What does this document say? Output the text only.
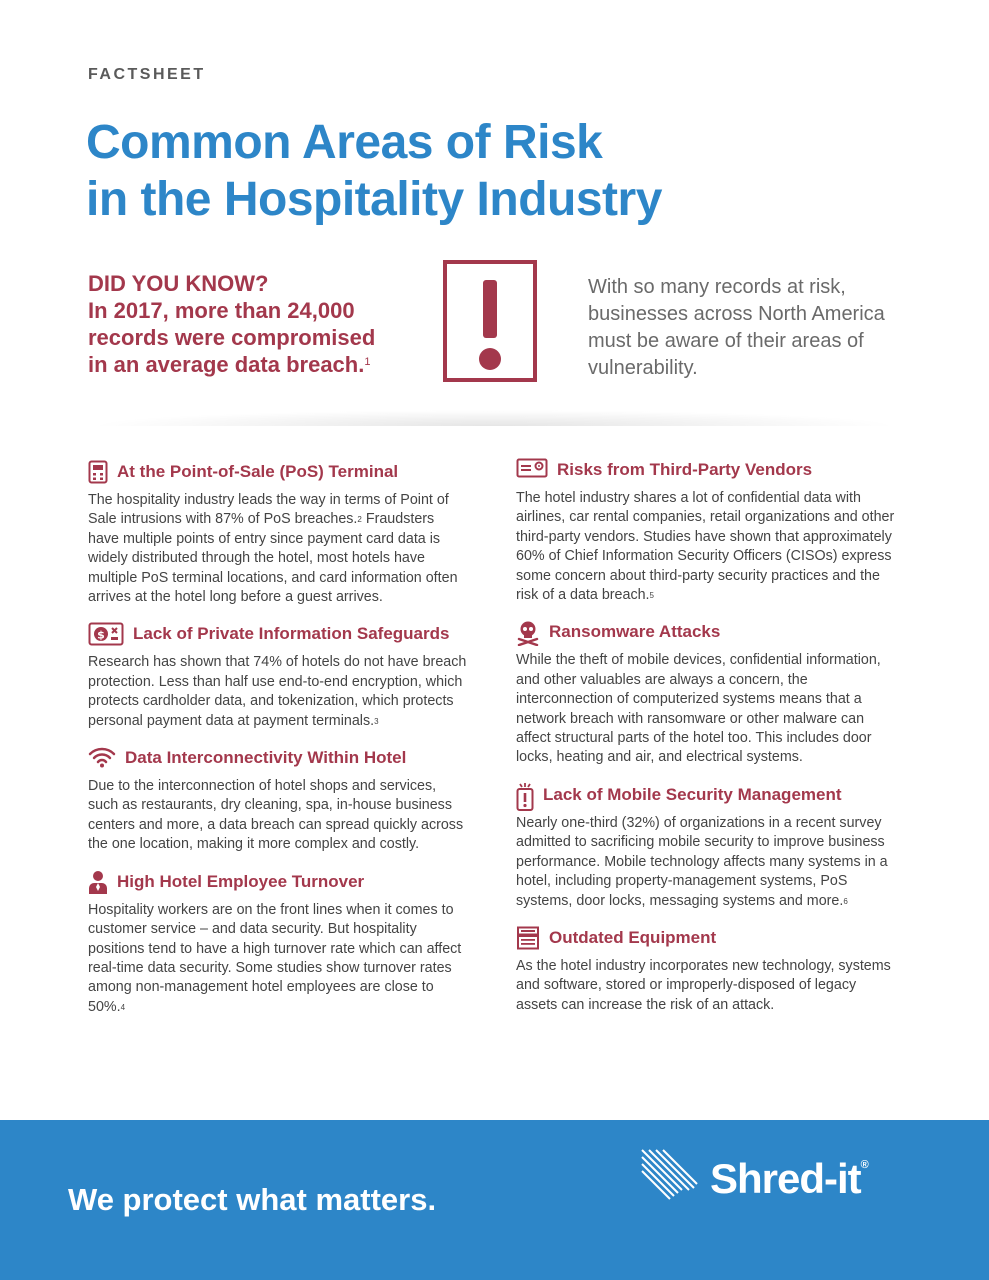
FACTSHEET
Common Areas of Risk
in the Hospitality Industry
DID YOU KNOW?
In 2017, more than 24,000
records were compromised
in an average data breach.$^1$
With so many records at risk, businesses across North America must be aware of their areas of vulnerability.
At the Point-of-Sale (PoS) Terminal
The hospitality industry leads the way in terms of Point of Sale intrusions with 87% of PoS breaches.$^2$ Fraudsters have multiple points of entry since payment card data is widely distributed through the hotel, most hotels have multiple PoS terminal locations, and card information often arrives at the hotel long before a guest arrives.
$ Lack of Private Information Safeguards
Research has shown that 74% of hotels do not have breach protection. Less than half use end-to-end encryption, which protects cardholder data, and tokenization, which protects personal payment data at payment terminals.$^3$
Data Interconnectivity Within Hotel
Due to the interconnection of hotel shops and services, such as restaurants, dry cleaning, spa, in-house business centers and more, a data breach can spread quickly across the one location, making it more complex and costly.
High Hotel Employee Turnover
Hospitality workers are on the front lines when it comes to customer service – and data security. But hospitality positions tend to have a high turnover rate which can affect real-time data security. Some studies show turnover rates among non-management hotel employees are close to 50%.$^4$
Risks from Third-Party Vendors
The hotel industry shares a lot of confidential data with airlines, car rental companies, retail organizations and other third-party vendors. Studies have shown that approximately 60% of Chief Information Security Officers (CISOs) express some concern about third-party security practices and the risk of a data breach.$^5$
Ransomware Attacks
While the theft of mobile devices, confidential information, and other valuables are always a concern, the interconnection of computerized systems means that a network breach with ransomware or other malware can affect structural parts of the hotel too. This includes door locks, heating and air, and electrical systems.
Lack of Mobile Security Management
Nearly one-third (32%) of organizations in a recent survey admitted to sacrificing mobile security to improve business performance. Mobile technology affects many systems in a hotel, including property-management systems, PoS systems, door locks, messaging systems and more.$^6$
Outdated Equipment
As the hotel industry incorporates new technology, systems and software, stored or improperly-disposed of legacy assets can increase the risk of an attack.
We protect what matters.	Shred-it®
